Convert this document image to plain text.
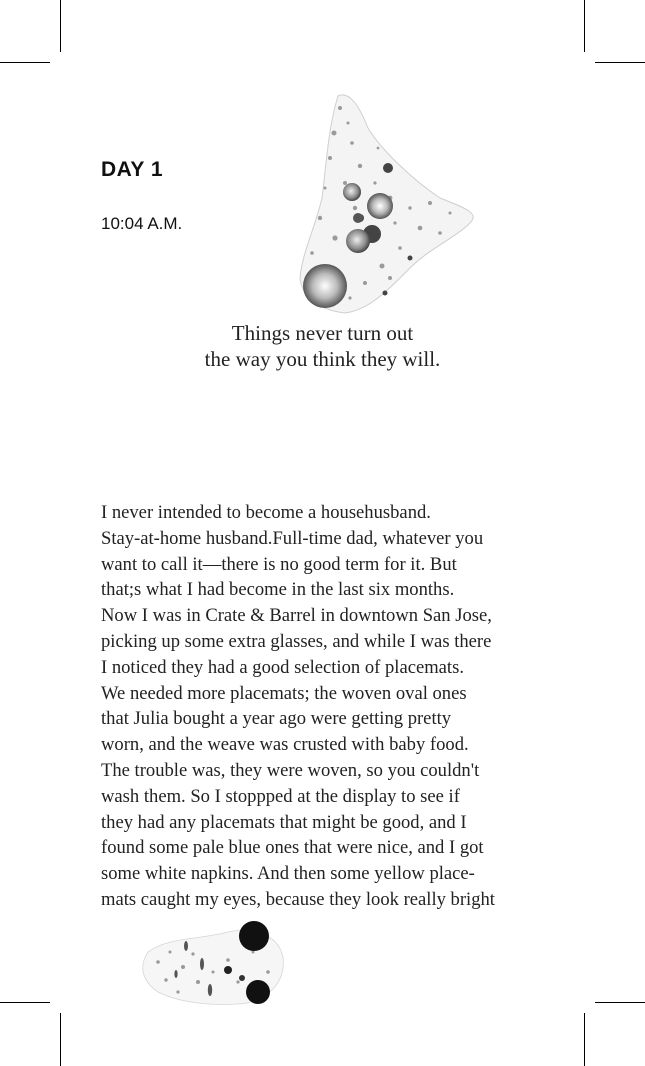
DAY 1
10:04 A.M.
Things never turn out
the way you think they will.
I never intended to become a househusband.
Stay-at-home husband.Full-time dad, whatever you
want to call it—there is no good term for it. But
that;s what I had become in the last six months.
Now I was in Crate & Barrel in downtown San Jose,
picking up some extra glasses, and while I was there
I noticed they had a good selection of placemats.
We needed more placemats; the woven oval ones
that Julia bought a year ago were getting pretty
worn, and the weave was crusted with baby food.
The trouble was, they were woven, so you couldn't
wash them. So I stoppped at the display to see if
they had any placemats that might be good, and I
found some pale blue ones that were nice, and I got
some white napkins. And then some yellow place-
mats caught my eyes, because they look really bright
